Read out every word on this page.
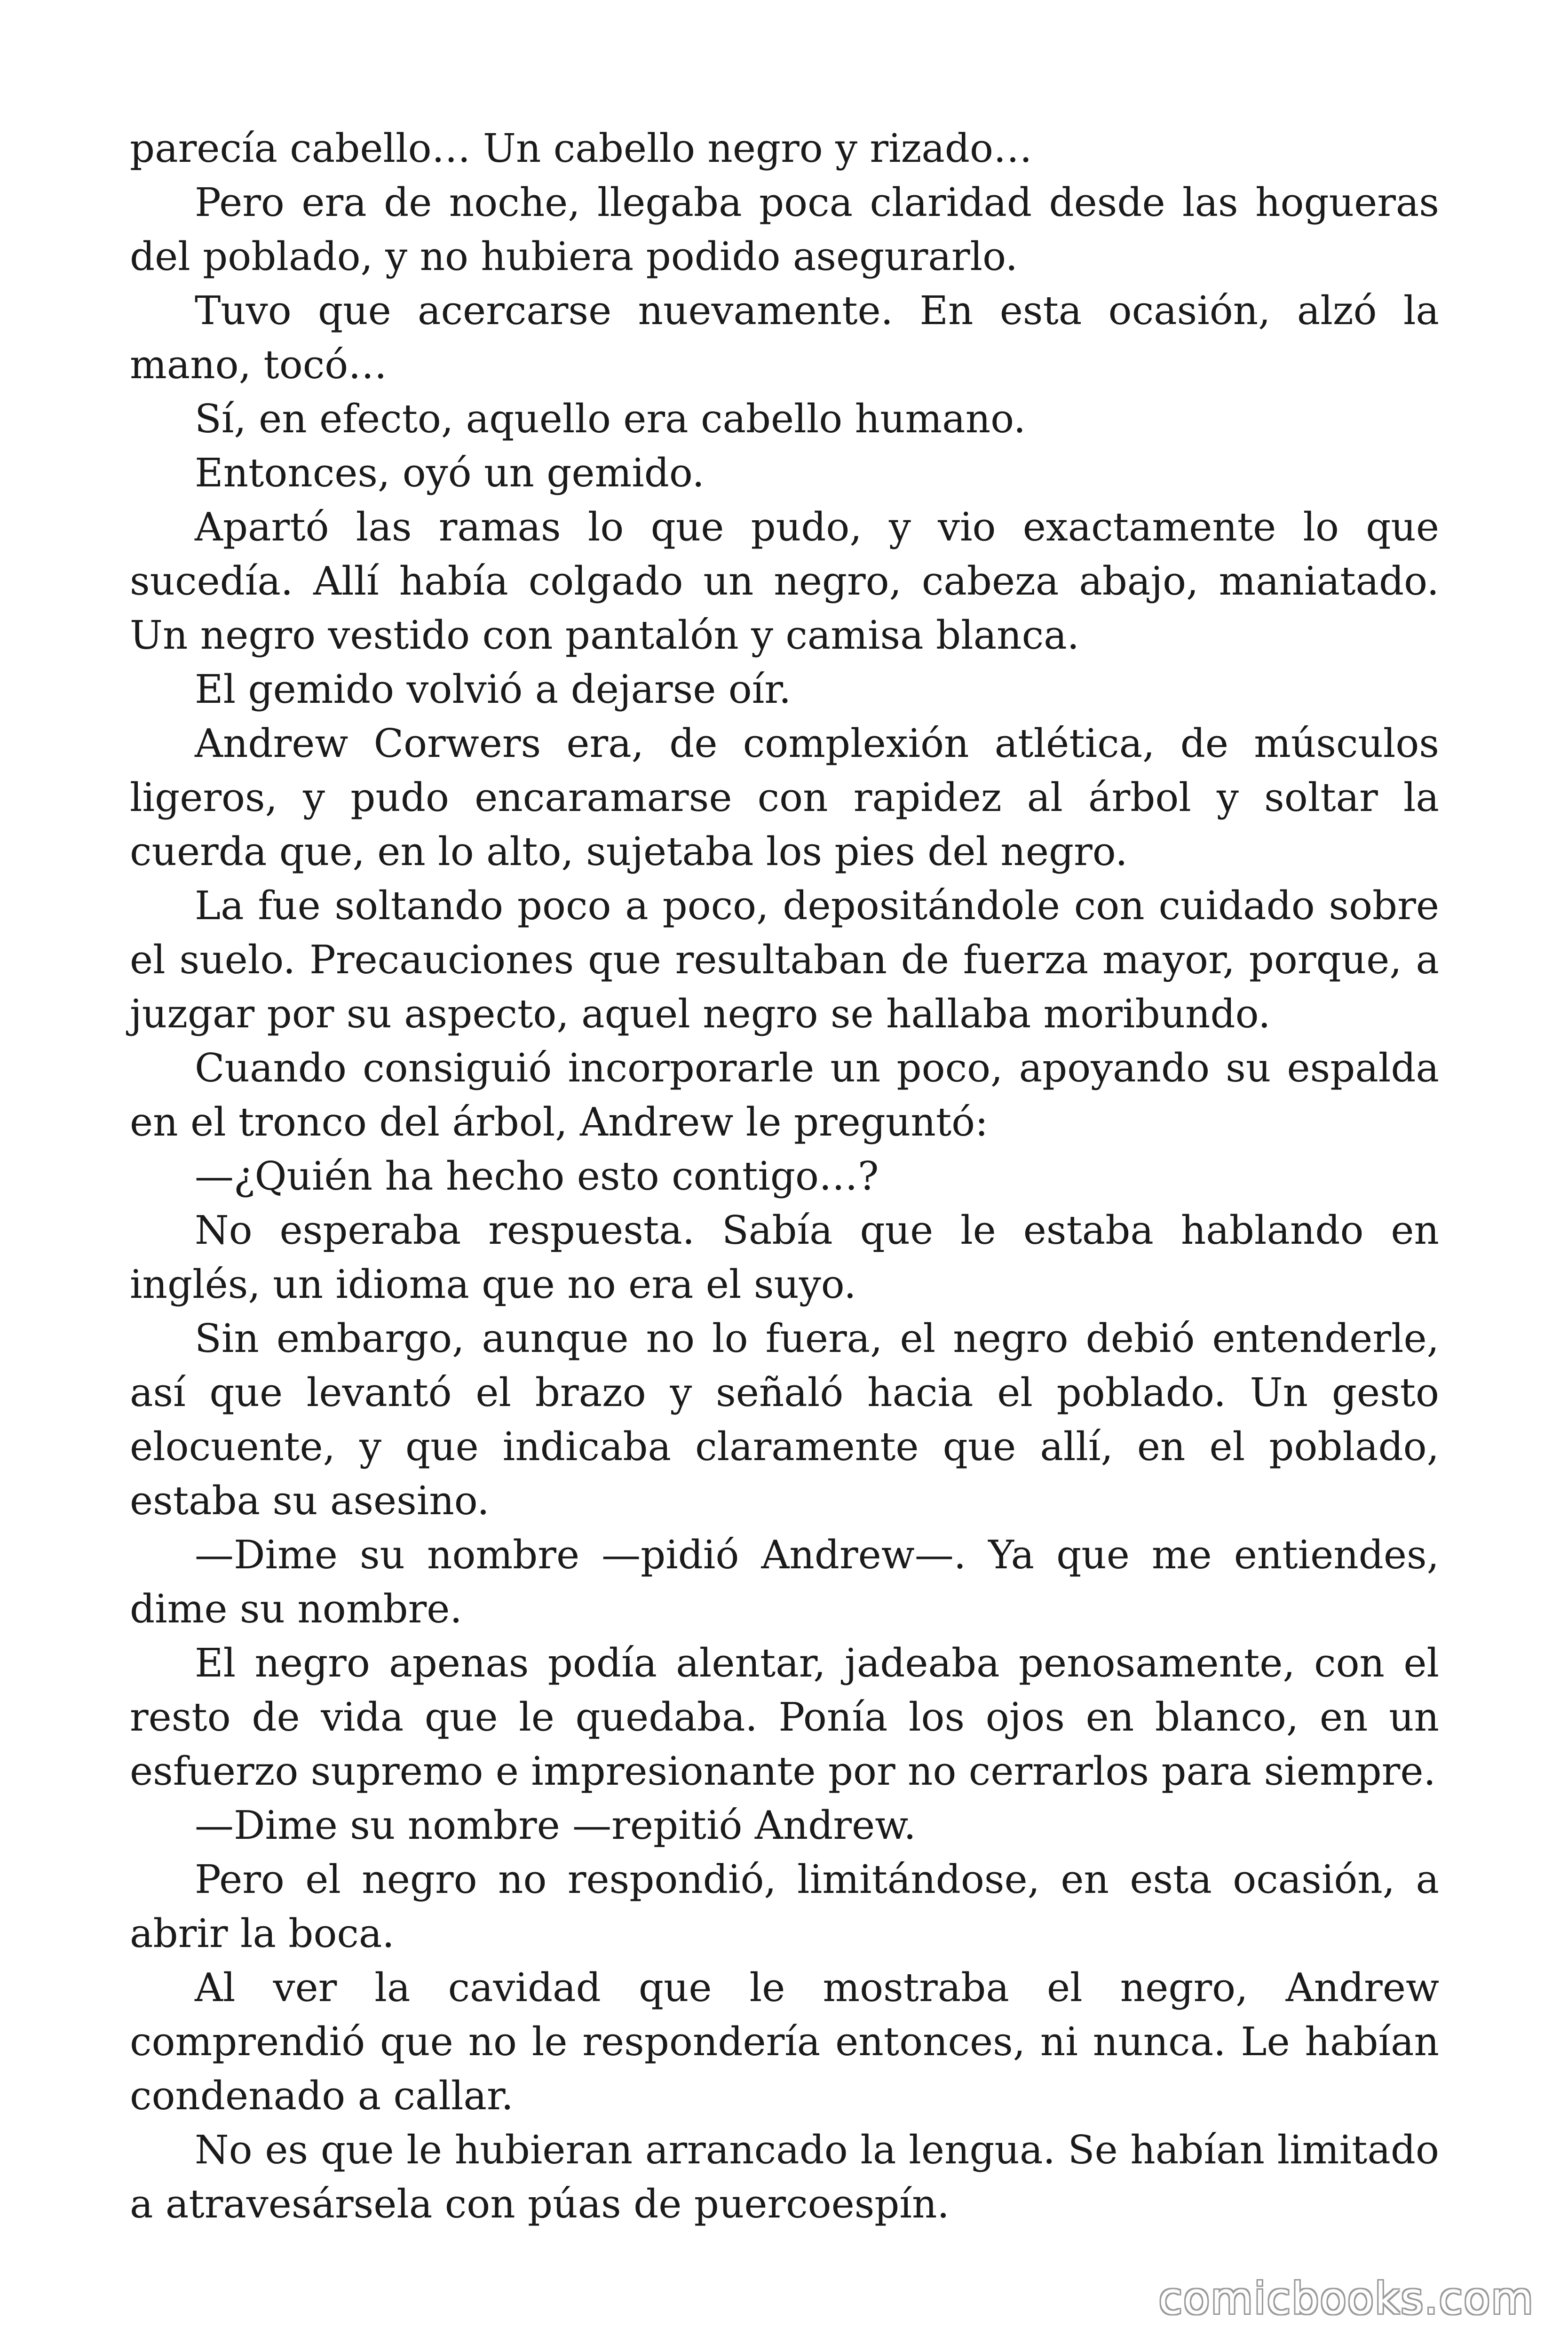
parecía cabello… Un cabello negro y rizado…

Pero era de noche, llegaba poca claridad desde las hogueras del poblado, y no hubiera podido asegurarlo.

Tuvo que acercarse nuevamente. En esta ocasión, alzó la mano, tocó…

Sí, en efecto, aquello era cabello humano.

Entonces, oyó un gemido.

Apartó las ramas lo que pudo, y vio exactamente lo que sucedía. Allí había colgado un negro, cabeza abajo, maniatado. Un negro vestido con pantalón y camisa blanca.

El gemido volvió a dejarse oír.

Andrew Corwers era, de complexión atlética, de músculos ligeros, y pudo encaramarse con rapidez al árbol y soltar la cuerda que, en lo alto, sujetaba los pies del negro.

La fue soltando poco a poco, depositándole con cuidado sobre el suelo. Precauciones que resultaban de fuerza mayor, porque, a juzgar por su aspecto, aquel negro se hallaba moribundo.

Cuando consiguió incorporarle un poco, apoyando su espalda en el tronco del árbol, Andrew le preguntó:

—¿Quién ha hecho esto contigo…?

No esperaba respuesta. Sabía que le estaba hablando en inglés, un idioma que no era el suyo.

Sin embargo, aunque no lo fuera, el negro debió entenderle, así que levantó el brazo y señaló hacia el poblado. Un gesto elocuente, y que indicaba claramente que allí, en el poblado, estaba su asesino.

—Dime su nombre —pidió Andrew—. Ya que me entiendes, dime su nombre.

El negro apenas podía alentar, jadeaba penosamente, con el resto de vida que le quedaba. Ponía los ojos en blanco, en un esfuerzo supremo e impresionante por no cerrarlos para siempre.

—Dime su nombre —repitió Andrew.

Pero el negro no respondió, limitándose, en esta ocasión, a abrir la boca.

Al ver la cavidad que le mostraba el negro, Andrew comprendió que no le respondería entonces, ni nunca. Le habían condenado a callar.

No es que le hubieran arrancado la lengua. Se habían limitado a atravesársela con púas de puercoespín.

comicbooks.com
